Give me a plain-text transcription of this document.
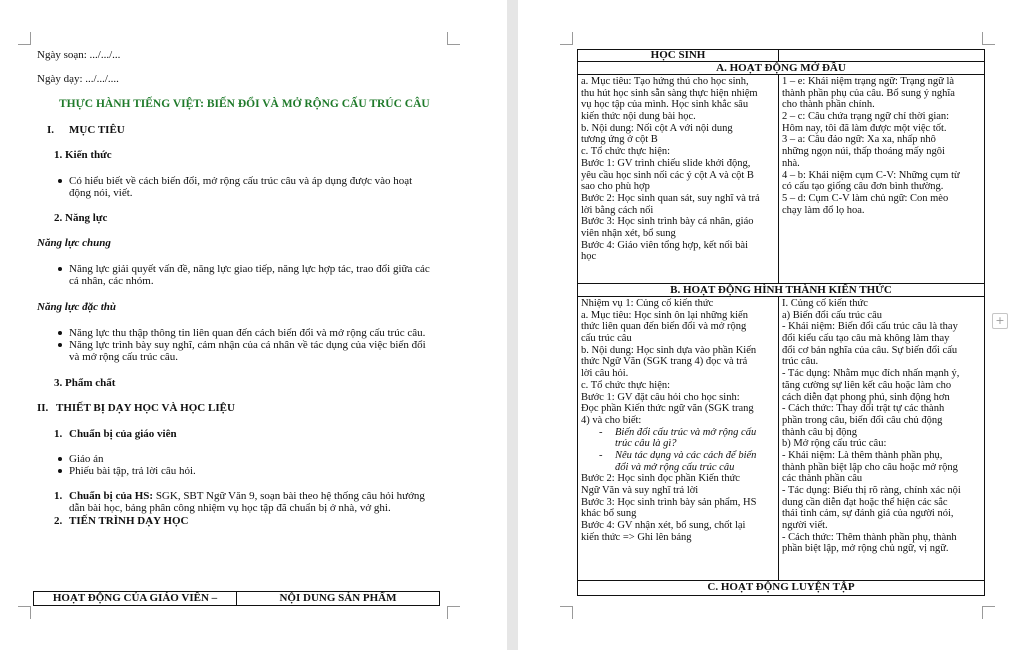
Ngày soạn: .../.../...
Ngày dạy: .../.../....
THỰC HÀNH TIẾNG VIỆT: BIẾN ĐỔI VÀ MỞ RỘNG CẤU TRÚC CÂU
I. MỤC TIÊU
1. Kiến thức
Có hiểu biết về cách biến đổi, mở rộng cấu trúc câu và áp dụng được vào hoạt
động nói, viết.
2. Năng lực
Năng lực chung
Năng lực giải quyết vấn đề, năng lực giao tiếp, năng lực hợp tác, trao đổi giữa các
cá nhân, các nhóm.
Năng lực đặc thù
Năng lực thu thập thông tin liên quan đến cách biến đổi và mở rộng cấu trúc câu.
Năng lực trình bày suy nghĩ, cảm nhận của cá nhân về tác dụng của việc biến đổi
và mở rộng cấu trúc câu.
3. Phẩm chất
II. THIẾT BỊ DẠY HỌC VÀ HỌC LIỆU
1. Chuẩn bị của giáo viên
Giáo án
Phiếu bài tập, trả lời câu hỏi.
1. Chuẩn bị của HS: SGK, SBT Ngữ Văn 9, soạn bài theo hệ thống câu hỏi hướng
dẫn bài học, bảng phân công nhiệm vụ học tập đã chuẩn bị ở nhà, vở ghi.
2. TIẾN TRÌNH DẠY HỌC
HOẠT ĐỘNG CỦA GIÁO VIÊN –	NỘI DUNG SẢN PHẨM
HỌC SINH
A. HOẠT ĐỘNG MỞ ĐẦU
B. HOẠT ĐỘNG HÌNH THÀNH KIẾN THỨC
C. HOẠT ĐỘNG LUYỆN TẬP
a. Mục tiêu: Tạo hứng thú cho học sinh,
thu hút học sinh sẵn sàng thực hiện nhiệm
vụ học tập của mình. Học sinh khắc sâu
kiến thức nội dung bài học.
b. Nội dung: Nối cột A với nội dung
tương ứng ở cột B
c. Tổ chức thực hiện:
Bước 1: GV trình chiếu slide khởi động,
yêu cầu học sinh nối các ý cột A và cột B
sao cho phù hợp
Bước 2: Học sinh quan sát, suy nghĩ và trả
lời bằng cách nối
Bước 3: Học sinh trình bày cá nhân, giáo
viên nhận xét, bổ sung
Bước 4: Giáo viên tổng hợp, kết nối bài
học
1 – e: Khái niệm trạng ngữ: Trạng ngữ là
thành phần phụ của câu. Bổ sung ý nghĩa
cho thành phần chính.
2 – c: Câu chứa trạng ngữ chỉ thời gian:
Hôm nay, tôi đã làm được một việc tốt.
3 – a: Câu đảo ngữ: Xa xa, nhấp nhô
những ngọn núi, thấp thoáng mấy ngôi
nhà.
4 – b: Khái niệm cụm C-V: Những cụm từ
có cấu tạo giống câu đơn bình thường.
5 – d: Cụm C-V làm chủ ngữ: Con mèo
chạy làm đổ lọ hoa.
Nhiệm vụ 1: Củng cố kiến thức
a. Mục tiêu: Học sinh ôn lại những kiến
thức liên quan đến biến đổi và mở rộng
cấu trúc câu
b. Nội dung: Học sinh dựa vào phần Kiến
thức Ngữ Văn (SGK trang 4) đọc và trả
lời câu hỏi.
c. Tổ chức thực hiện:
Bước 1: GV đặt câu hỏi cho học sinh:
Đọc phần Kiến thức ngữ văn (SGK trang
4) và cho biết:
- Biến đổi cấu trúc và mở rộng cấu
trúc câu là gì?
- Nêu tác dụng và các cách để biến
đổi và mở rộng cấu trúc câu
Bước 2: Học sinh đọc phần Kiến thức
Ngữ Văn và suy nghĩ trả lời
Bước 3: Học sinh trình bày sản phẩm, HS
khác bổ sung
Bước 4: GV nhận xét, bổ sung, chốt lại
kiến thức => Ghi lên bảng
I. Củng cố kiến thức
a) Biến đổi cấu trúc câu
- Khái niệm: Biến đổi cấu trúc câu là thay
đổi kiểu cấu tạo câu mà không làm thay
đổi cơ bản nghĩa của câu. Sự biến đổi cấu
trúc câu.
- Tác dụng: Nhằm mục đích nhấn mạnh ý,
tăng cường sự liên kết câu hoặc làm cho
cách diễn đạt phong phú, sinh động hơn
- Cách thức: Thay đổi trật tự các thành
phần trong câu, biến đổi câu chủ động
thành câu bị động
b) Mở rộng cấu trúc câu:
- Khái niệm: Là thêm thành phần phụ,
thành phần biệt lập cho câu hoặc mở rộng
các thành phần câu
- Tác dụng: Biểu thị rõ ràng, chính xác nội
dung cần diễn đạt hoặc thể hiện các sắc
thái tình cảm, sự đánh giá của người nói,
người viết.
- Cách thức: Thêm thành phần phụ, thành
phần biệt lập, mở rộng chủ ngữ, vị ngữ.
+
